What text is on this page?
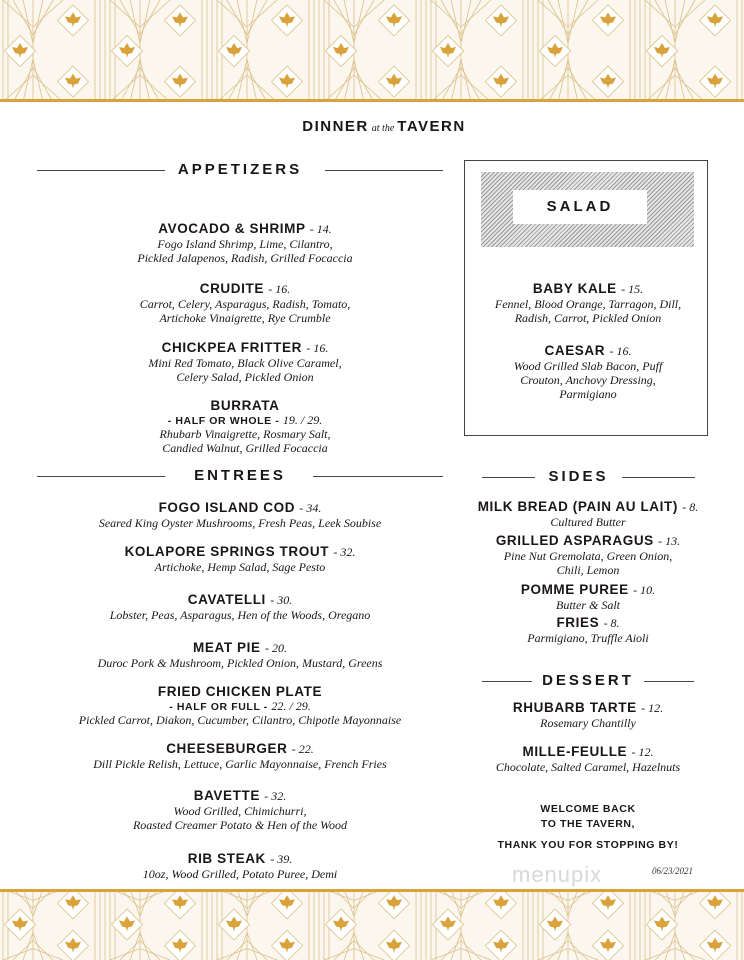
DINNER at the TAVERN
APPETIZERS
ENTREES	SIDES
DESSERT
SALAD
AVOCADO & SHRIMP - 14.
Fogo Island Shrimp, Lime, Cilantro,
Pickled Jalapenos, Radish, Grilled Focaccia
CRUDITE - 16.
Carrot, Celery, Asparagus, Radish, Tomato,
Artichoke Vinaigrette, Rye Crumble
CHICKPEA FRITTER - 16.
Mini Red Tomato, Black Olive Caramel,
Celery Salad, Pickled Onion
BURRATA
- HALF OR WHOLE - 19. / 29.
Rhubarb Vinaigrette, Rosmary Salt,
Candied Walnut, Grilled Focaccia
FOGO ISLAND COD - 34.
Seared King Oyster Mushrooms, Fresh Peas, Leek Soubise
KOLAPORE SPRINGS TROUT - 32.
Artichoke, Hemp Salad, Sage Pesto
CAVATELLI - 30.
Lobster, Peas, Asparagus, Hen of the Woods, Oregano
MEAT PIE - 20.
Duroc Pork & Mushroom, Pickled Onion, Mustard, Greens
FRIED CHICKEN PLATE
- HALF OR FULL - 22. / 29.
Pickled Carrot, Diakon, Cucumber, Cilantro, Chipotle Mayonnaise
CHEESEBURGER - 22.
Dill Pickle Relish, Lettuce, Garlic Mayonnaise, French Fries
BAVETTE - 32.
Wood Grilled, Chimichurri,
Roasted Creamer Potato & Hen of the Wood
RIB STEAK - 39.
10oz, Wood Grilled, Potato Puree, Demi
BABY KALE - 15.
Fennel, Blood Orange, Tarragon, Dill,
Radish, Carrot, Pickled Onion
CAESAR - 16.
Wood Grilled Slab Bacon, Puff
Crouton, Anchovy Dressing,
Parmigiano
MILK BREAD (PAIN AU LAIT) - 8.
Cultured Butter
GRILLED ASPARAGUS - 13.
Pine Nut Gremolata, Green Onion,
Chili, Lemon
POMME PUREE - 10.
Butter & Salt
FRIES - 8.
Parmigiano, Truffle Aioli
RHUBARB TARTE - 12.
Rosemary Chantilly
MILLE-FEULLE - 12.
Chocolate, Salted Caramel, Hazelnuts
WELCOME BACK
TO THE TAVERN,
THANK YOU FOR STOPPING BY!
menupix	06/23/2021
